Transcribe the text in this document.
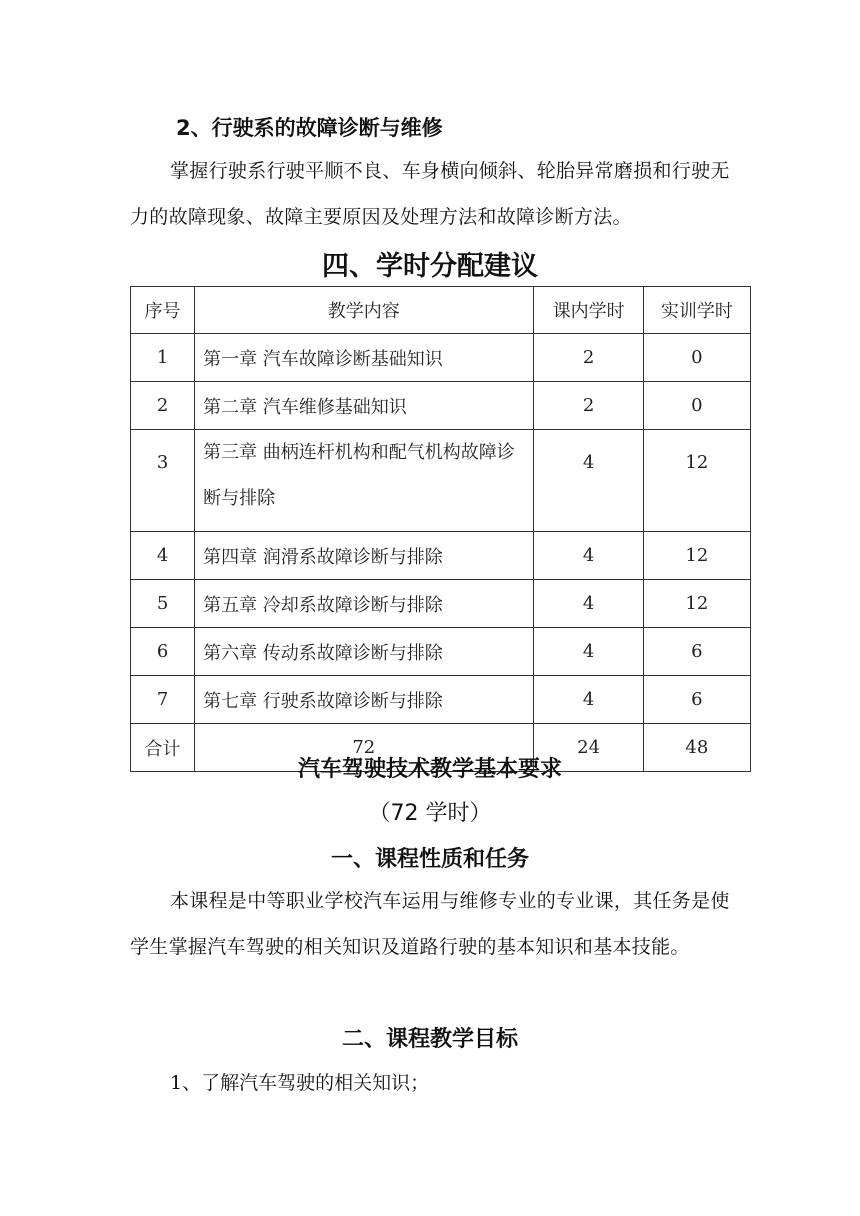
2、行驶系的故障诊断与维修
掌握行驶系行驶平顺不良、车身横向倾斜、轮胎异常磨损和行驶无力的故障现象、故障主要原因及处理方法和故障诊断方法。
四、学时分配建议
序号	教学内容	课内学时	实训学时
1	第一章 汽车故障诊断基础知识	2	0
2	第二章 汽车维修基础知识	2	0
3	第三章 曲柄连杆机构和配气机构故障诊断与排除	4	12
4	第四章 润滑系故障诊断与排除	4	12
5	第五章 冷却系故障诊断与排除	4	12
6	第六章 传动系故障诊断与排除	4	6
7	第七章 行驶系故障诊断与排除	4	6
合计	72	24	48
汽车驾驶技术教学基本要求
（72 学时）
一、课程性质和任务
本课程是中等职业学校汽车运用与维修专业的专业课，其任务是使学生掌握汽车驾驶的相关知识及道路行驶的基本知识和基本技能。
二、课程教学目标
1、了解汽车驾驶的相关知识；
